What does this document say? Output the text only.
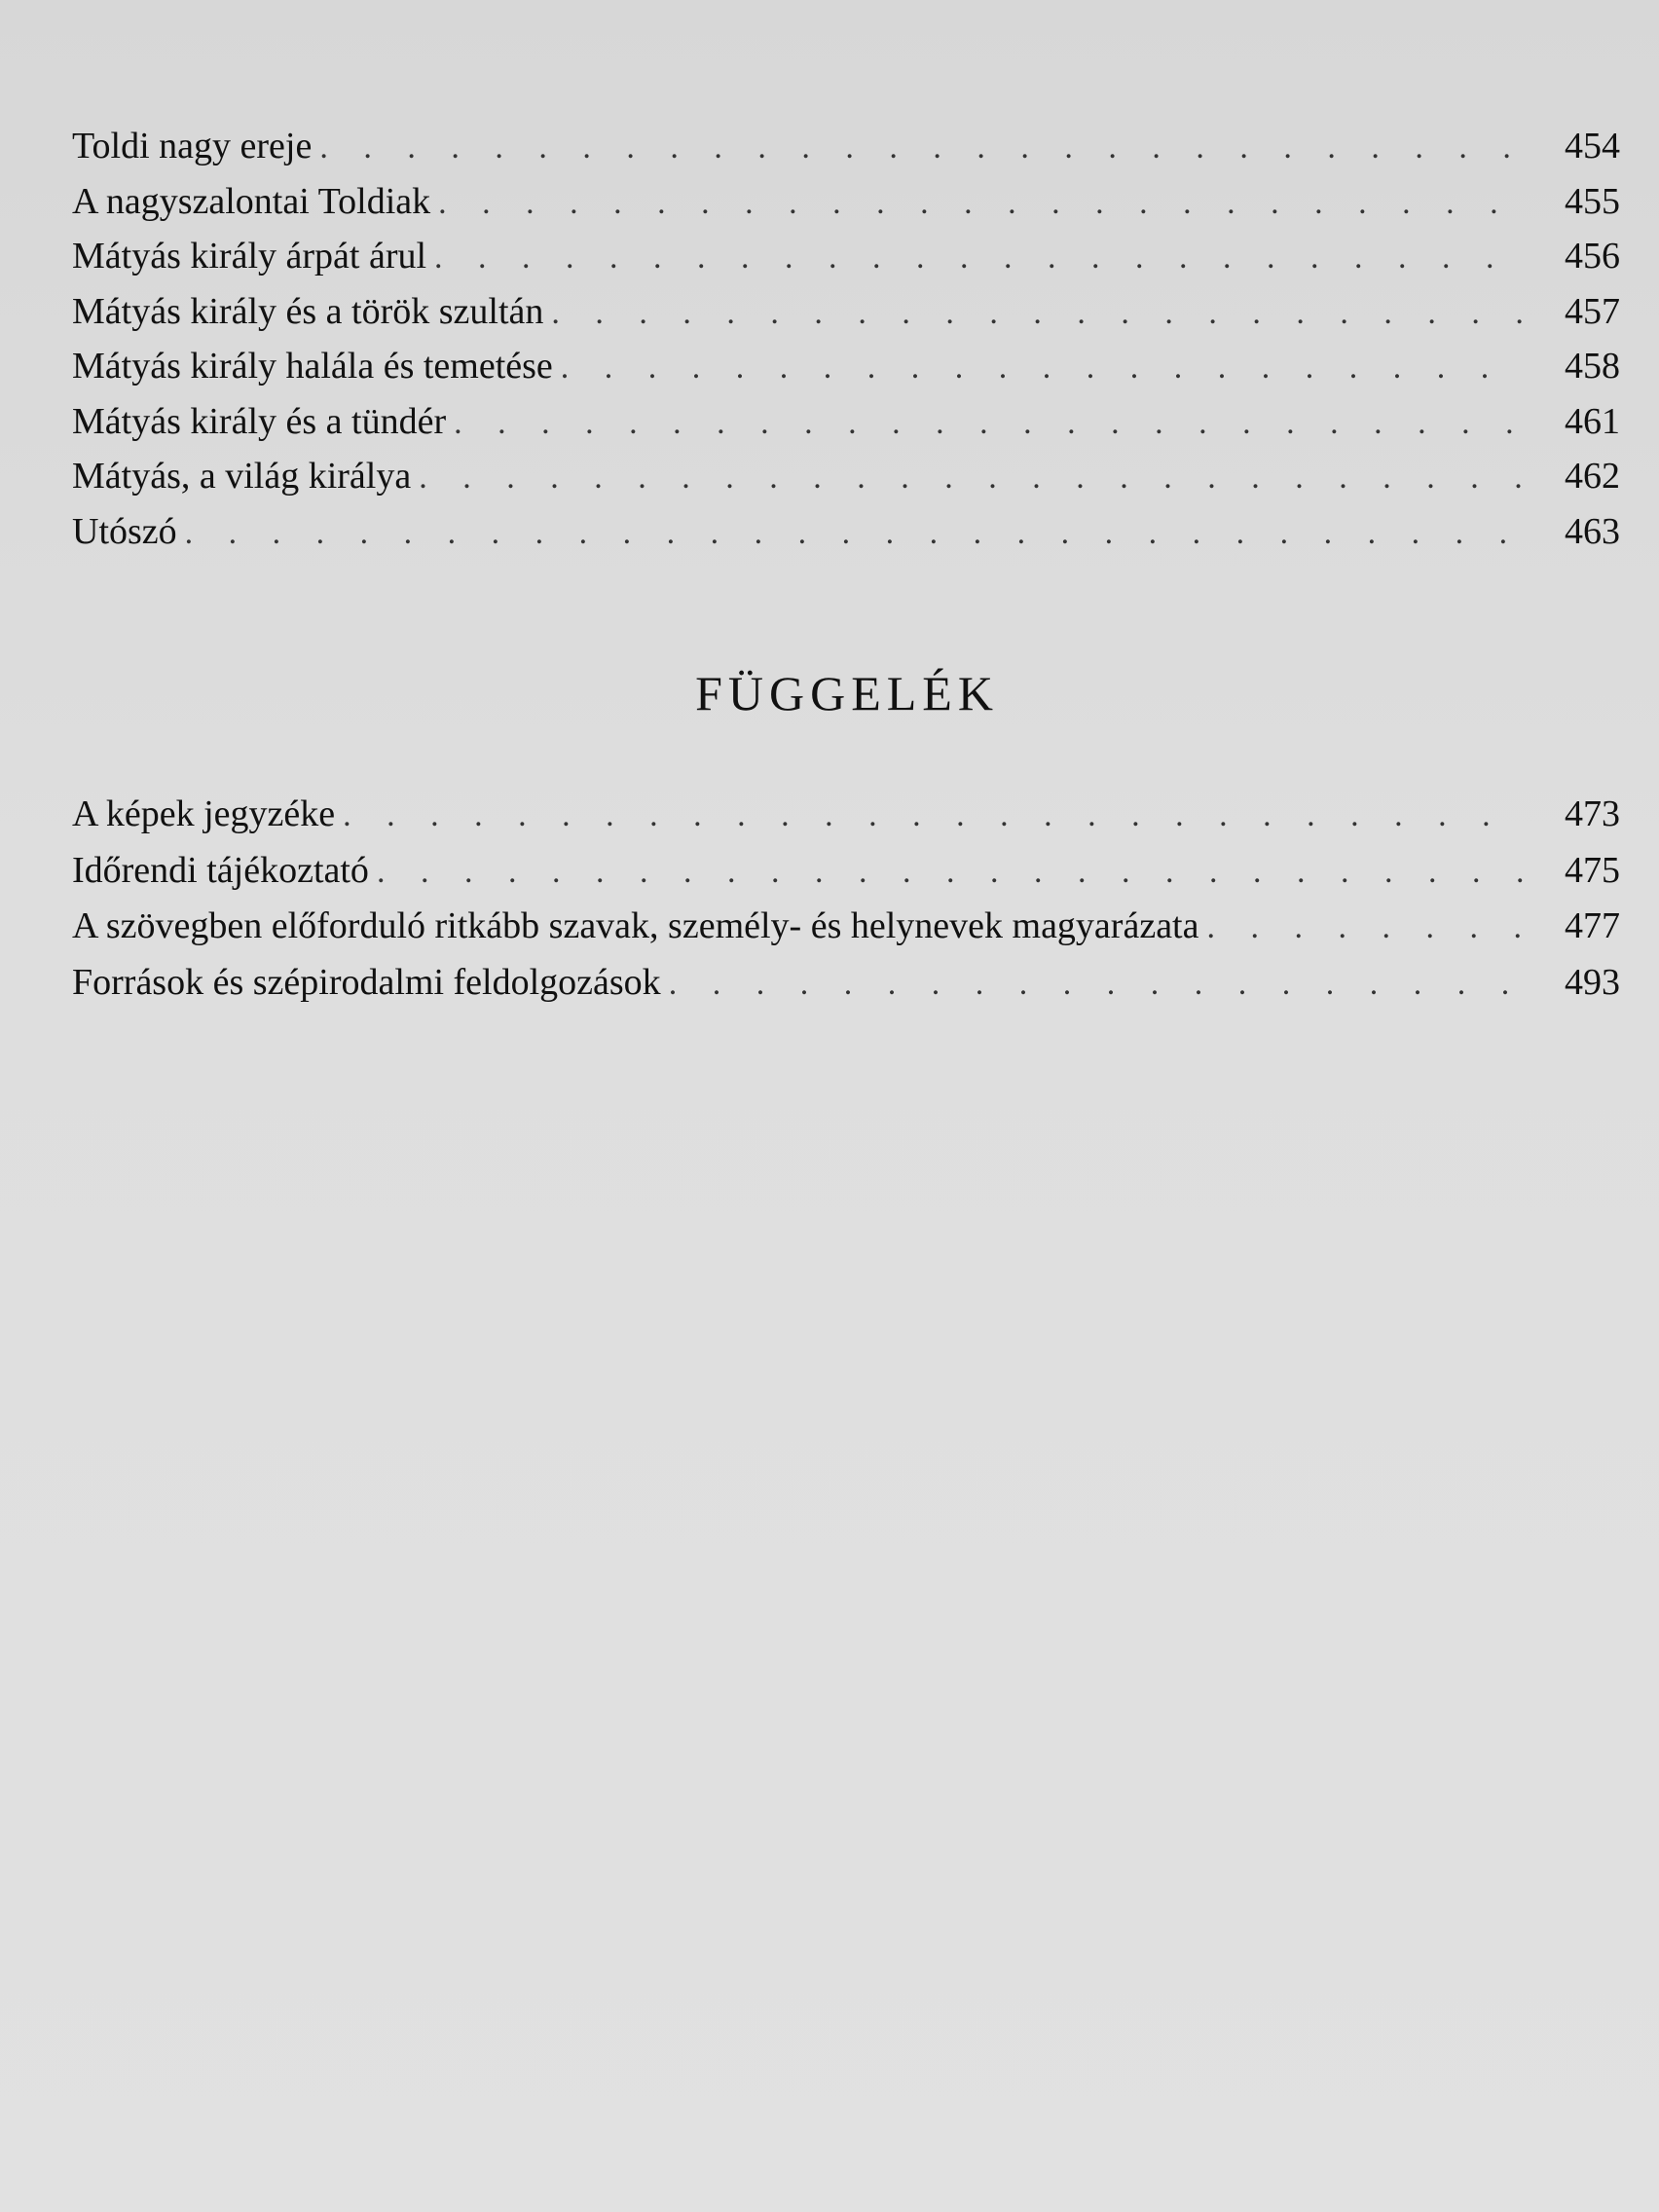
Toldi nagy ereje . . .	454
A nagyszalontai Toldiak . . .	455
Mátyás király árpát árul . . .	456
Mátyás király és a török szultán . . .	457
Mátyás király halála és temetése . . .	458
Mátyás király és a tündér . . .	461
Mátyás, a világ királya . . .	462
Utószó . . .	463
FÜGGELÉK
A képek jegyzéke . . .	473
Időrendi tájékoztató . . .	475
A szövegben előforduló ritkább szavak, személy- és helynevek magyarázata . . .	477
Források és szépirodalmi feldolgozások . . .	493
